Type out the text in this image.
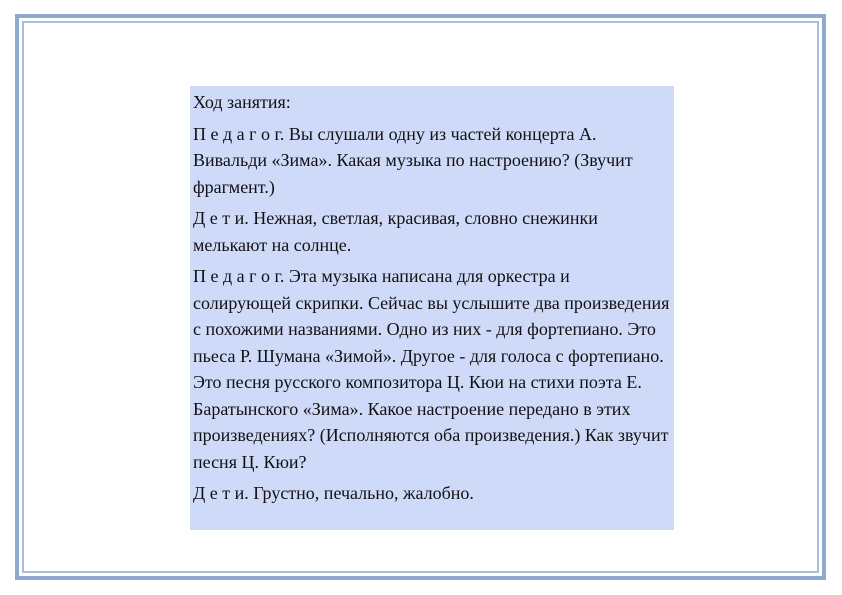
Ход занятия:

П е д а г о г. Вы слушали одну из частей концерта А. Вивальди «Зима». Какая музыка по настроению? (Звучит фрагмент.)

Д е т и. Нежная, светлая, красивая, словно снежинки мелькают на солнце.

П е д а г о г. Эта музыка написана для оркестра и солирующей скрипки. Сейчас вы услышите два произведения с похожими названиями. Одно из них - для фортепиано. Это пьеса Р. Шумана «Зимой». Другое - для голоса с фортепиано. Это песня русского композитора Ц. Кюи на стихи поэта Е. Баратынского «Зима». Какое настроение передано в этих произведениях? (Исполняются оба произведения.) Как звучит песня Ц. Кюи?

Д е т и. Грустно, печально, жалобно.
